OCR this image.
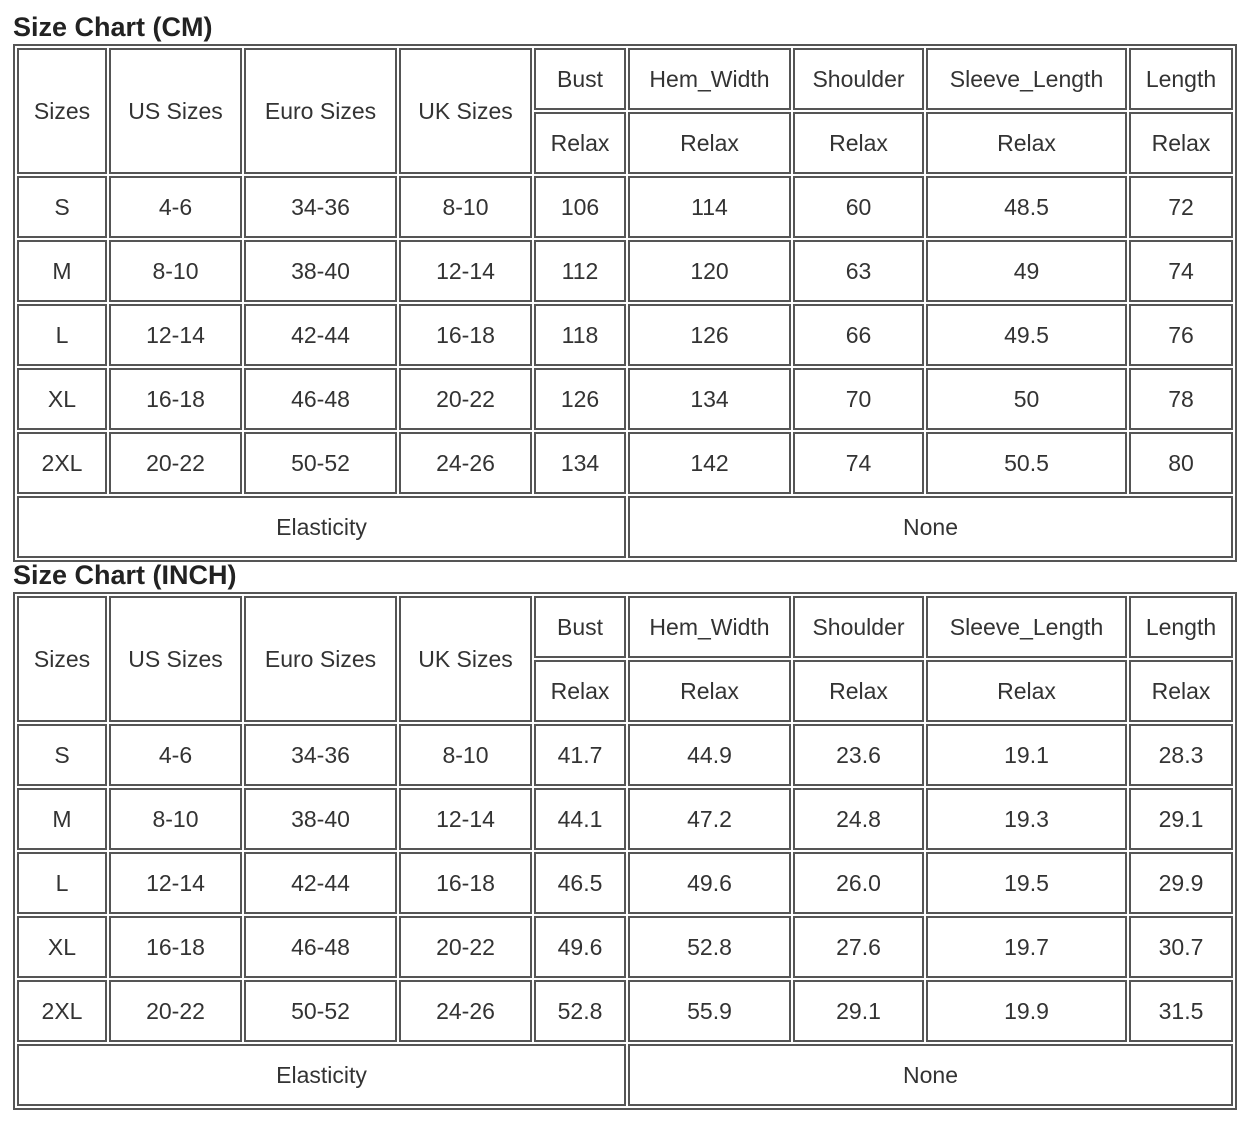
Size Chart (CM)
Sizes	US Sizes	Euro Sizes	UK Sizes	Bust	Hem_Width	Shoulder	Sleeve_Length	Length
				Relax	Relax	Relax	Relax	Relax
S	4-6	34-36	8-10	106	114	60	48.5	72
M	8-10	38-40	12-14	112	120	63	49	74
L	12-14	42-44	16-18	118	126	66	49.5	76
XL	16-18	46-48	20-22	126	134	70	50	78
2XL	20-22	50-52	24-26	134	142	74	50.5	80
Elasticity					None			
Size Chart (INCH)
Sizes	US Sizes	Euro Sizes	UK Sizes	Bust	Hem_Width	Shoulder	Sleeve_Length	Length
				Relax	Relax	Relax	Relax	Relax
S	4-6	34-36	8-10	41.7	44.9	23.6	19.1	28.3
M	8-10	38-40	12-14	44.1	47.2	24.8	19.3	29.1
L	12-14	42-44	16-18	46.5	49.6	26.0	19.5	29.9
XL	16-18	46-48	20-22	49.6	52.8	27.6	19.7	30.7
2XL	20-22	50-52	24-26	52.8	55.9	29.1	19.9	31.5
Elasticity					None			
